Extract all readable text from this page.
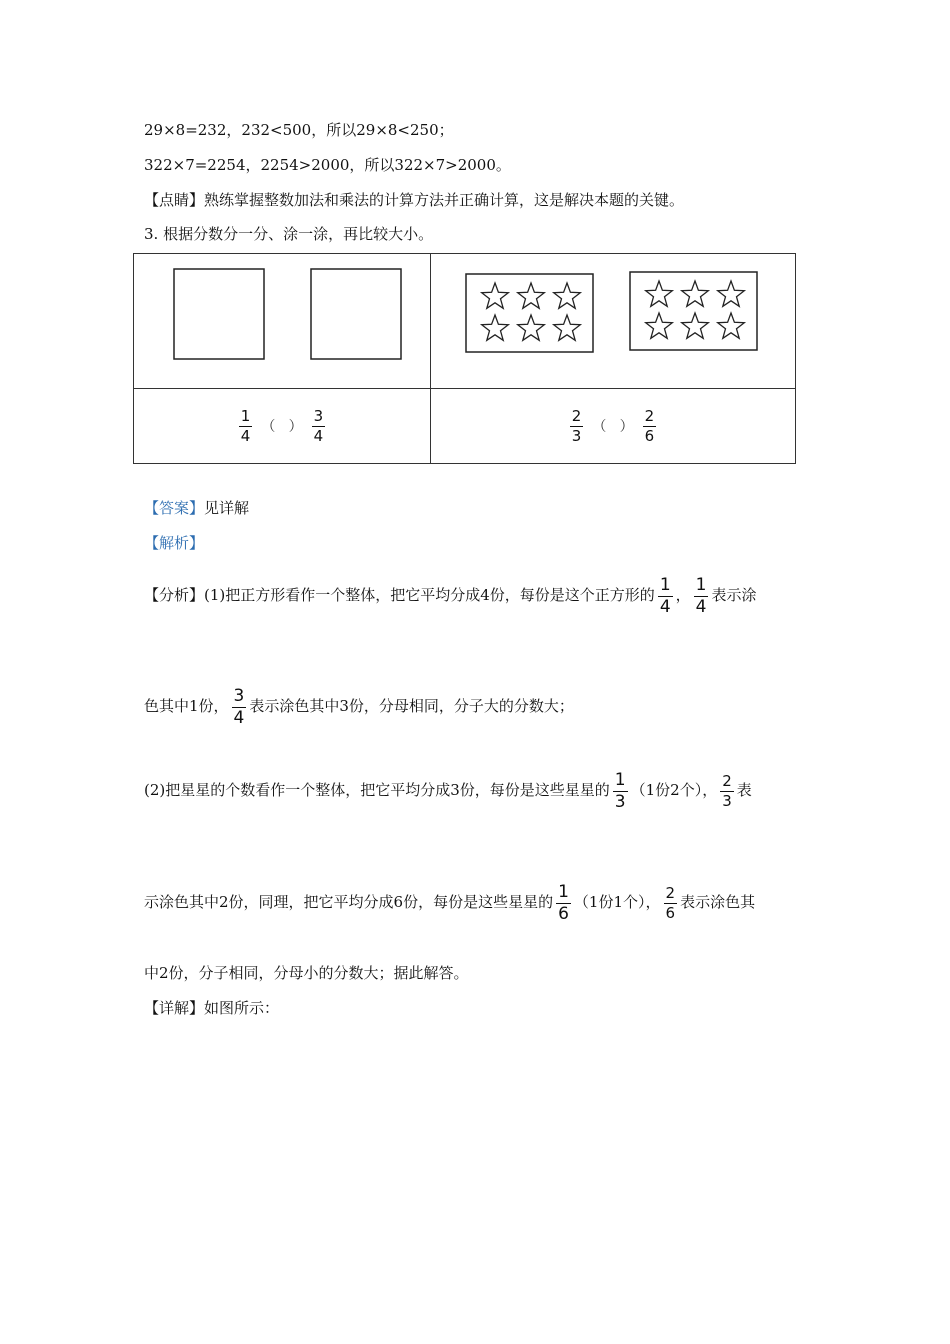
29×8=232，232<500，所以29×8<250；
322×7=2254，2254>2000，所以322×7>2000。
【点睛】熟练掌握整数加法和乘法的计算方法并正确计算，这是解决本题的关键。
3. 根据分数分一分、涂一涂，再比较大小。

$\frac{1}{4}$ （ ） $\frac{3}{4}$	$\frac{2}{3}$ （ ） $\frac{2}{6}$
【答案】见详解
【解析】
【分析】(1)把正方形看作一个整体，把它平均分成4份，每份是这个正方形的 $\frac{1}{4}$ ， $\frac{1}{4}$ 表示涂
色其中1份， $\frac{3}{4}$ 表示涂色其中3份，分母相同，分子大的分数大；
(2)把星星的个数看作一个整体，把它平均分成3份，每份是这些星星的 $\frac{1}{3} (1$份2个）， $\frac{2}{3}$ 表
示涂色其中2份，同理，把它平均分成6份，每份是这些星星的 $\frac{1}{6} (1$份1个）， $\frac{2}{6}$ 表示涂色其
中2份，分子相同，分母小的分数大；据此解答。
【详解】如图所示：
